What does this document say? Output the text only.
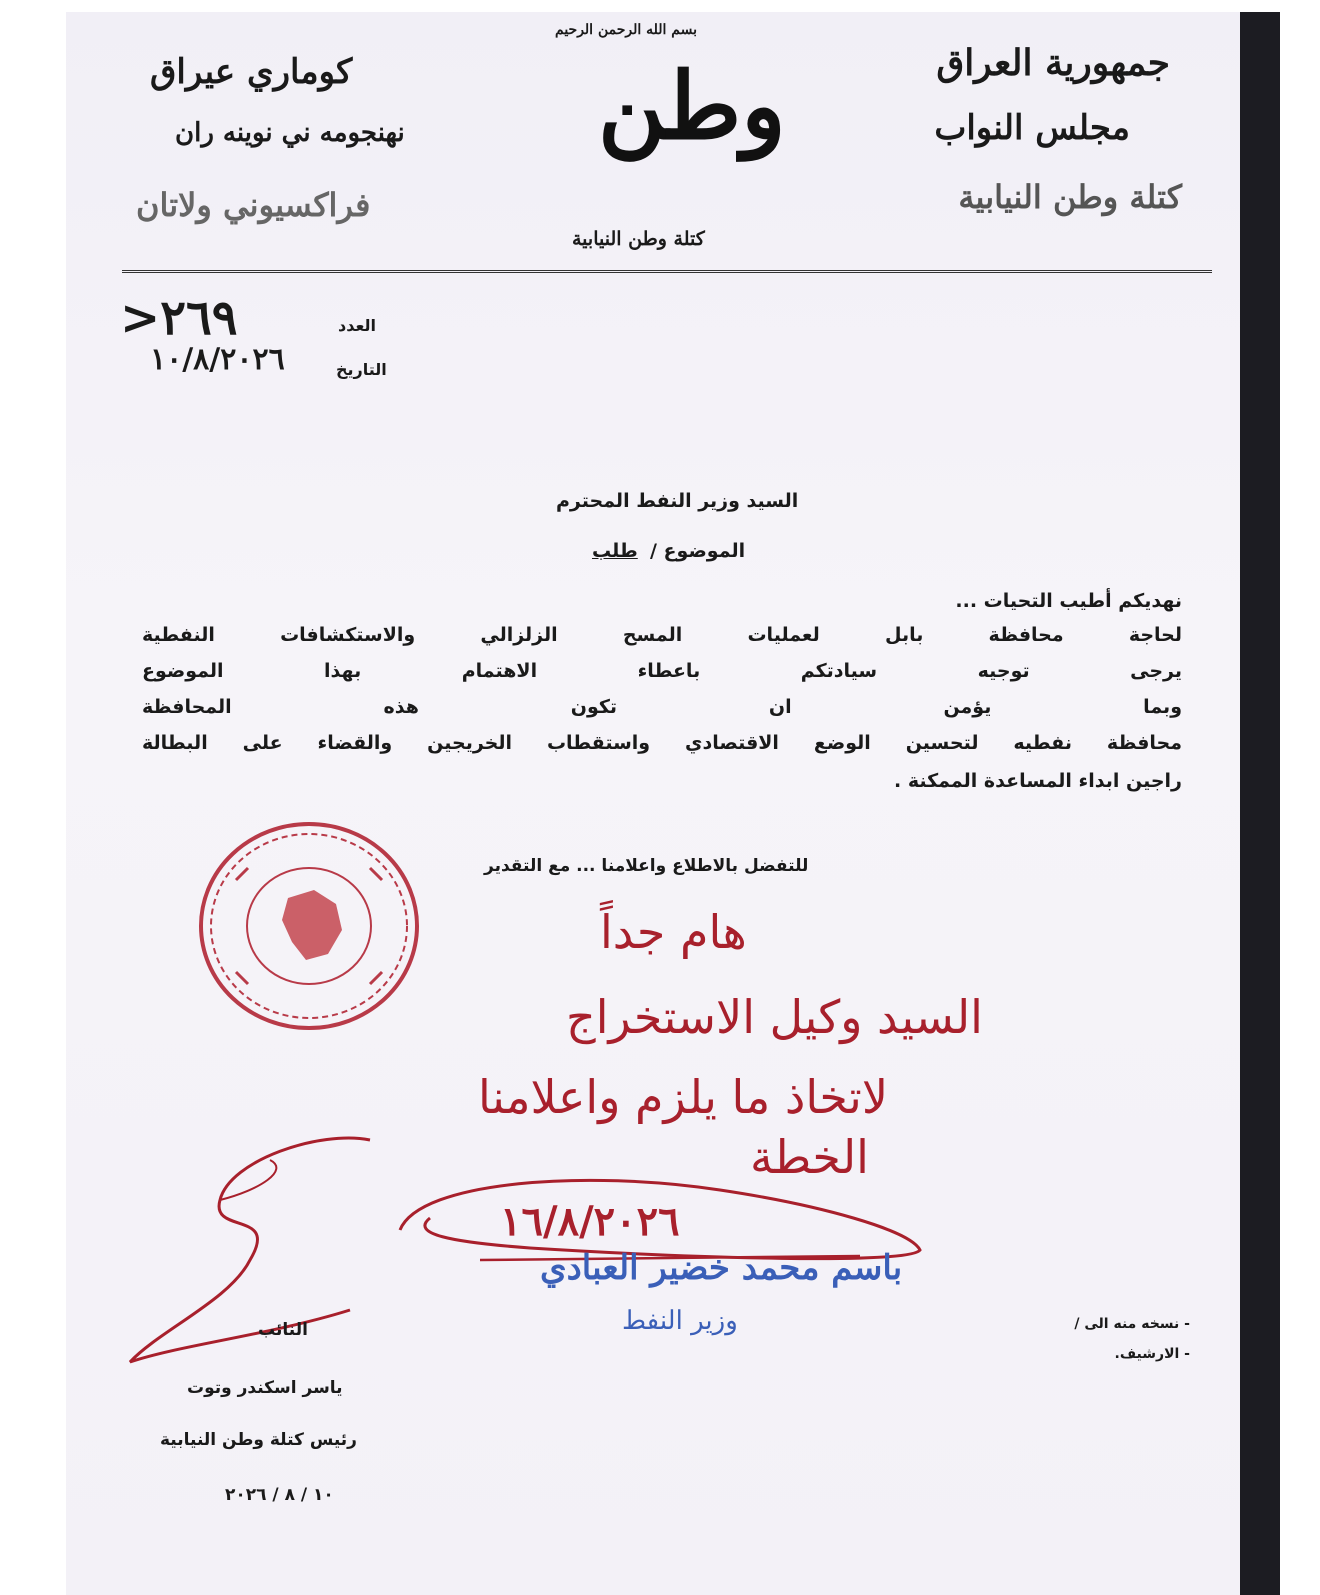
جمهورية العراق
مجلس النواب
كتلة وطن النيابية
كوماري عيراق
نهنجومه ني نوينه ران
فراكسيوني ولاتان
بسم الله الرحمن الرحيم
وطن
كتلة وطن النيابية
العدد
٢٦٩<
التاريخ
١٠/٨/٢٠٢٦
السيد وزير النفط المحترم
الموضوع /
طلب
نهديكم أطيب التحيات ...
لحاجة محافظة بابل لعمليات المسح الزلزالي والاستكشافات النفطية
يرجى توجيه سيادتكم باعطاء الاهتمام بهذا الموضوع
وبما يؤمن ان تكون هذه المحافظة
محافظة نفطيه لتحسين الوضع الاقتصادي واستقطاب الخريجين والقضاء على البطالة
راجين ابداء المساعدة الممكنة .
للتفضل بالاطلاع واعلامنا ... مع التقدير
هام جداً
السيد وكيل الاستخراج
لاتخاذ ما يلزم واعلامنا
الخطة
١٦/٨/٢٠٢٦
باسم محمد خضير العبادي
وزير النفط
النائب
ياسر اسكندر وتوت
رئيس كتلة وطن النيابية
١٠ / ٨ / ٢٠٢٦
- نسخه منه الى /
- الارشيف.
